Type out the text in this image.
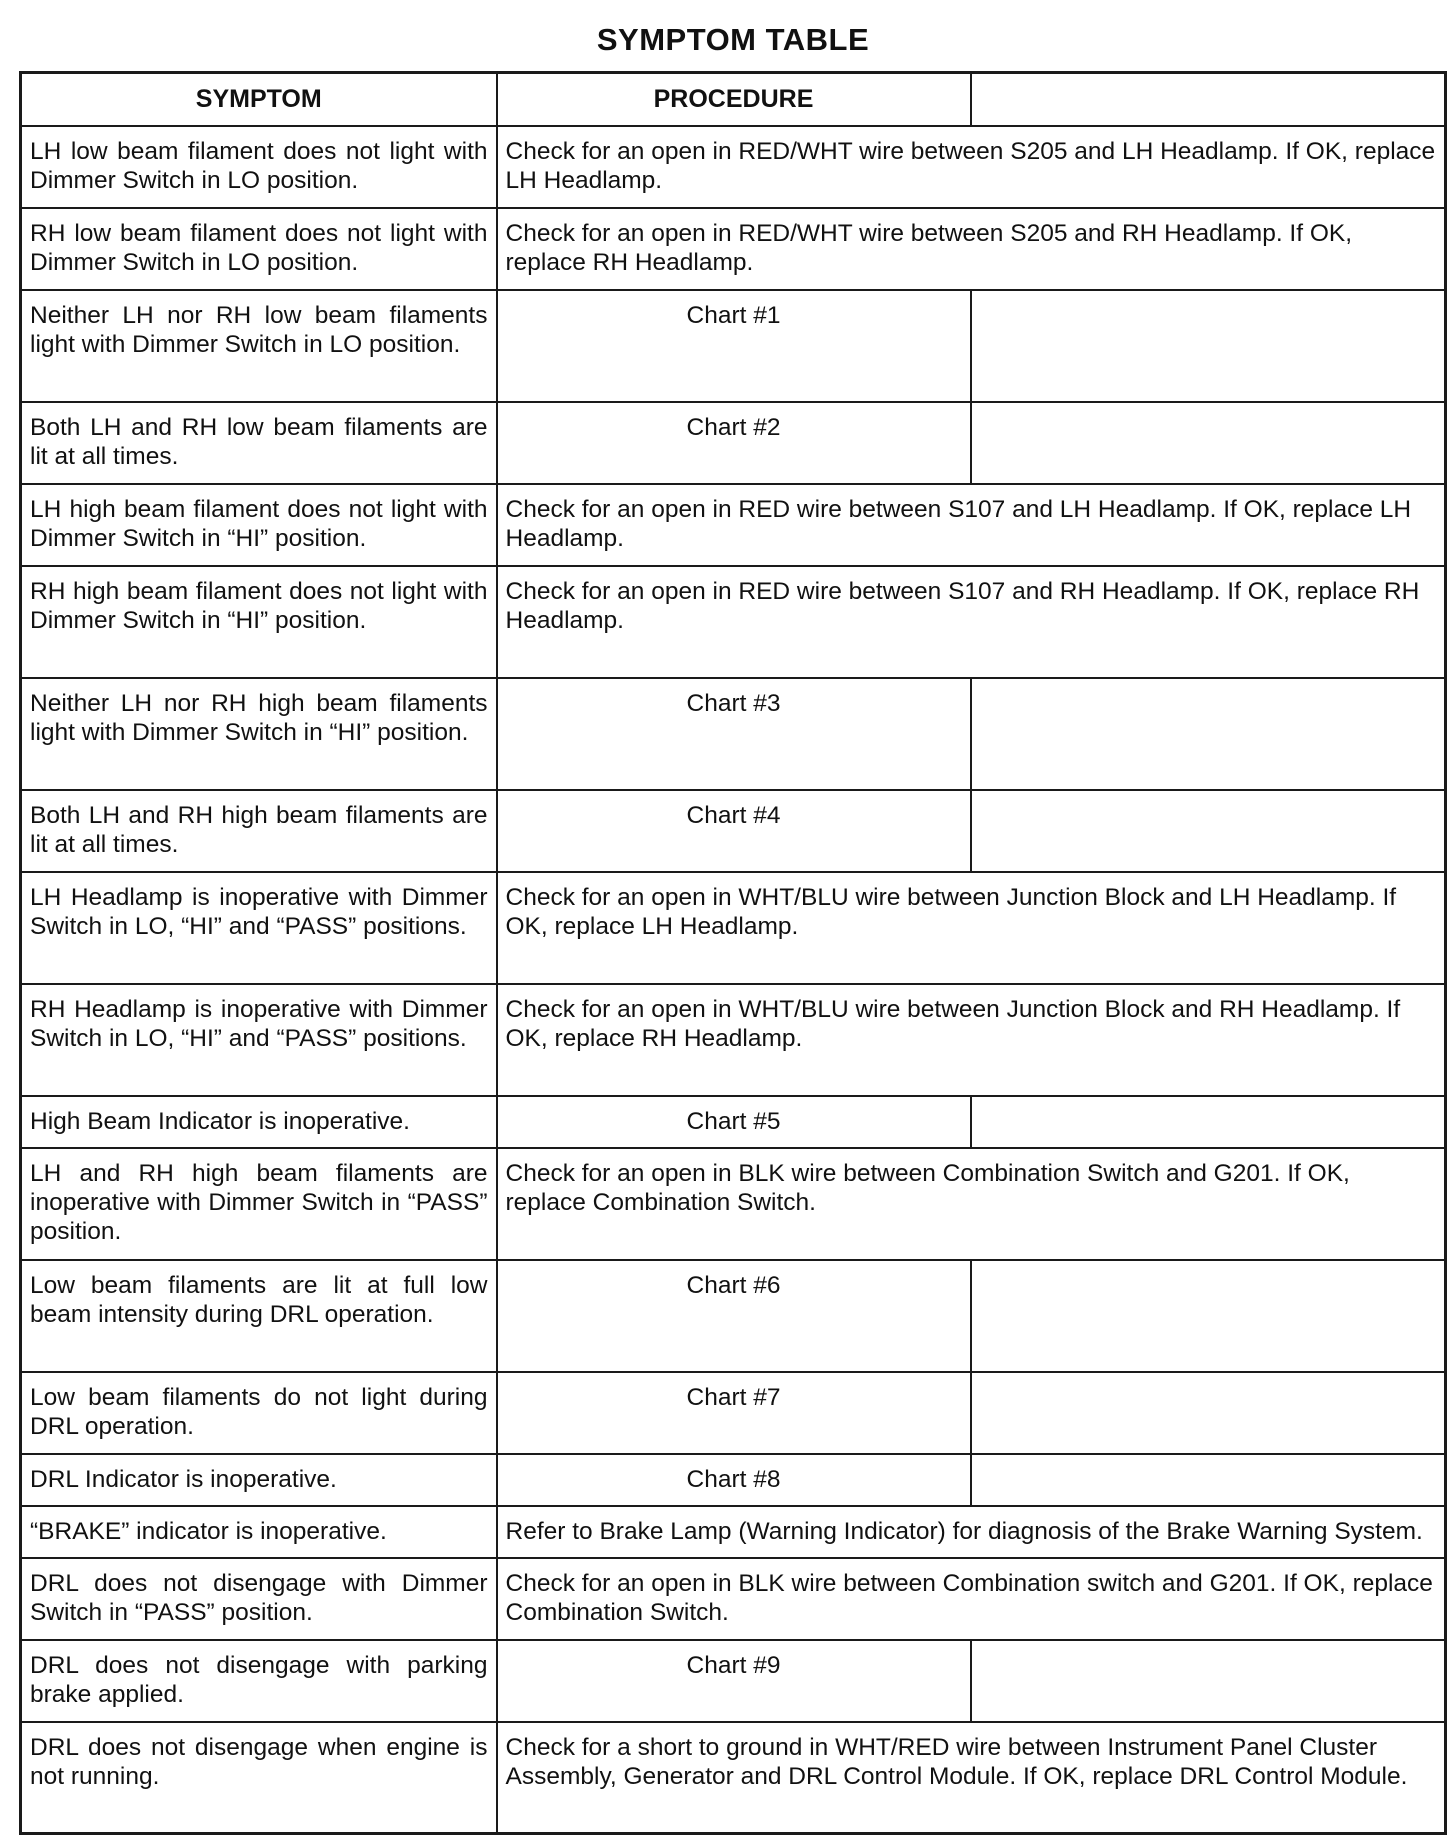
SYMPTOM TABLE
SYMPTOM	PROCEDURE	
LH low beam filament does not light with Dimmer Switch in LO position.	Check for an open in RED/WHT wire between S205 and LH Headlamp. If OK, replace LH Headlamp.	
RH low beam filament does not light with Dimmer Switch in LO position.	Check for an open in RED/WHT wire between S205 and RH Headlamp. If OK, replace RH Headlamp.	
Neither LH nor RH low beam filaments light with Dimmer Switch in LO position.	Chart #1	
Both LH and RH low beam filaments are lit at all times.	Chart #2	
LH high beam filament does not light with Dimmer Switch in “HI” position.	Check for an open in RED wire between S107 and LH Headlamp. If OK, replace LH Headlamp.	
RH high beam filament does not light with Dimmer Switch in “HI” position.	Check for an open in RED wire between S107 and RH Headlamp. If OK, replace RH Headlamp.	
Neither LH nor RH high beam filaments light with Dimmer Switch in “HI” position.	Chart #3	
Both LH and RH high beam filaments are lit at all times.	Chart #4	
LH Headlamp is inoperative with Dimmer Switch in LO, “HI” and “PASS” positions.	Check for an open in WHT/BLU wire between Junction Block and LH Headlamp. If OK, replace LH Headlamp.	
RH Headlamp is inoperative with Dimmer Switch in LO, “HI” and “PASS” positions.	Check for an open in WHT/BLU wire between Junction Block and RH Headlamp. If OK, replace RH Headlamp.	
High Beam Indicator is inoperative.	Chart #5	
LH and RH high beam filaments are inoperative with Dimmer Switch in “PASS” position.	Check for an open in BLK wire between Combination Switch and G201. If OK, replace Combination Switch.	
Low beam filaments are lit at full low beam intensity during DRL operation.	Chart #6	
Low beam filaments do not light during DRL operation.	Chart #7	
DRL Indicator is inoperative.	Chart #8	
“BRAKE” indicator is inoperative.	Refer to Brake Lamp (Warning Indicator) for diagnosis of the Brake Warning System.	
DRL does not disengage with Dimmer Switch in “PASS” position.	Check for an open in BLK wire between Combination switch and G201. If OK, replace Combination Switch.	
DRL does not disengage with parking brake applied.	Chart #9	
DRL does not disengage when engine is not running.	Check for a short to ground in WHT/RED wire between Instrument Panel Cluster Assembly, Generator and DRL Control Module. If OK, replace DRL Control Module.	
